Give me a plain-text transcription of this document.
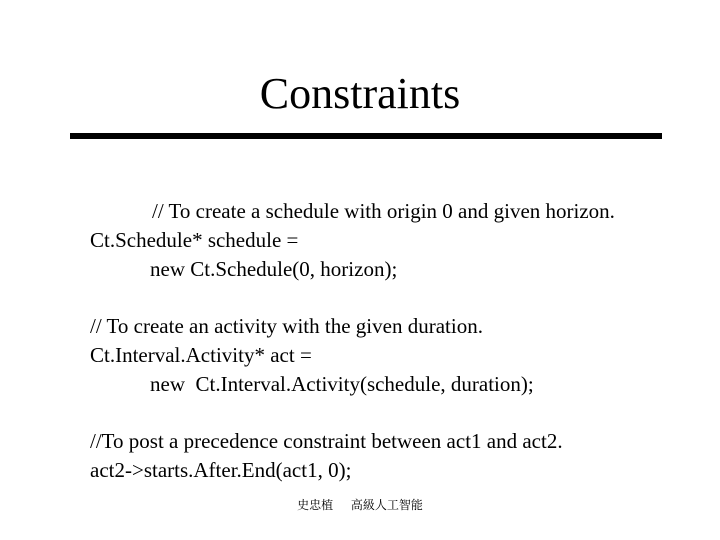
Constraints
// To create a schedule with origin 0 and given horizon.
Ct.Schedule* schedule =
new Ct.Schedule(0, horizon);
// To create an activity with the given duration.
Ct.Interval.Activity* act =
new  Ct.Interval.Activity(schedule, duration);
//To post a precedence constraint between act1 and act2.
act2->starts.After.End(act1, 0);
史忠植 高級人工智能
